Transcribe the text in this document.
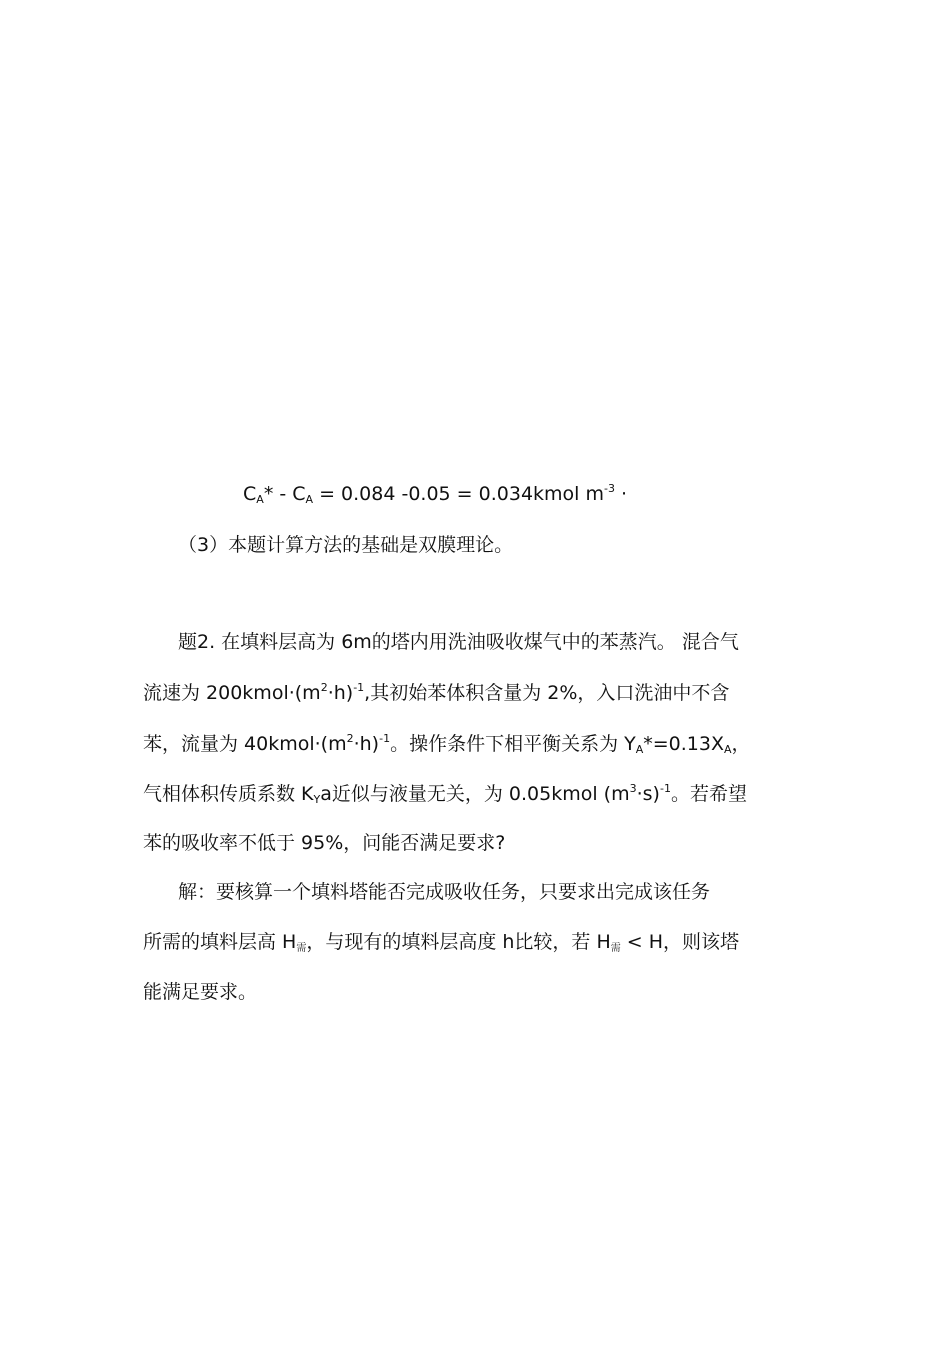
$C_A* - C_A = 0.084$ -0.05 = 0.034kmol $m^{-3}$ ·
（3）本题计算方法的基础是双膜理论。
题2. 在填料层高为 6m的塔内用洗油吸收煤气中的苯蒸汽。 混合气
流速为 $200kmol\cdot(m^2\cdot h)^{-1}$,其初始苯体积含量为 2%，入口洗油中不含
苯，流量为 $40kmol\cdot(m^2\cdot h)^{-1}$。操作条件下相平衡关系为 $Y_A*=0.13X_A$，
气相体积传质系数 $K_Ya$近似与液量无关，为 0.05kmol $(m^3\cdot s)^{-1}$。若希望
苯的吸收率不低于 95%，问能否满足要求?
解：要核算一个填料塔能否完成吸收任务，只要求出完成该任务
所需的填料层高 $H_需$，与现有的填料层高度 h比较，若 $H_需 < H$，则该塔
能满足要求。
